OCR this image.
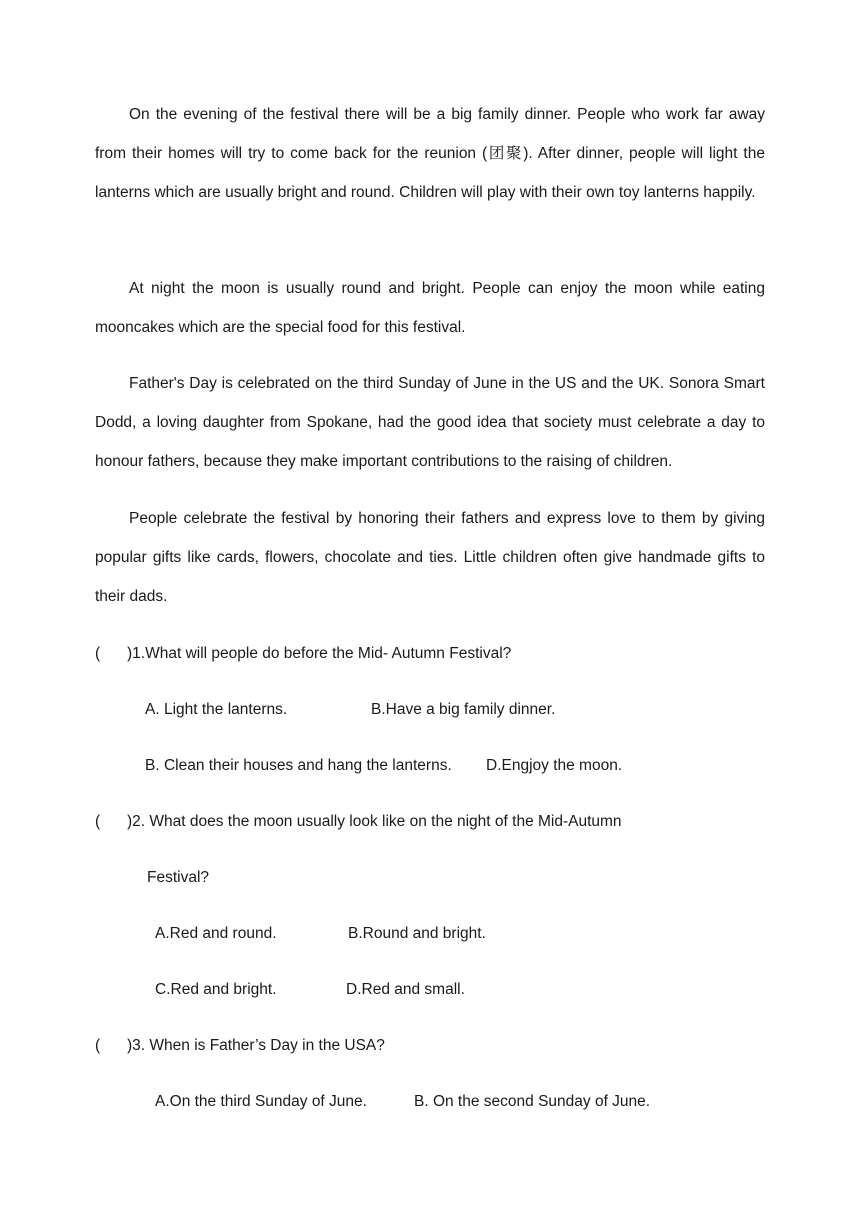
On the evening of the festival there will be a big family dinner. People who work far away from their homes will try to come back for the reunion (团聚). After dinner, people will light the lanterns which are usually bright and round. Children will play with their own toy lanterns happily.

At night the moon is usually round and bright. People can enjoy the moon while eating mooncakes which are the special food for this festival.

Father's Day is celebrated on the third Sunday of June in the US and the UK. Sonora Smart Dodd, a loving daughter from Spokane, had the good idea that society must celebrate a day to honour fathers, because they make important contributions to the raising of children.

People celebrate the festival by honoring their fathers and express love to them by giving popular gifts like cards, flowers, chocolate and ties. Little children often give handmade gifts to their dads.

( )1.What will people do before the Mid- Autumn Festival?
A. Light the lanterns.	B.Have a big family dinner.
B. Clean their houses and hang the lanterns. D.Engjoy the moon.
( )2. What does the moon usually look like on the night of the Mid-Autumn
Festival?
A.Red and round.	B.Round and bright.
C.Red and bright.	D.Red and small.
( )3. When is Father’s Day in the USA?
A.On the third Sunday of June.	B. On the second Sunday of June.
